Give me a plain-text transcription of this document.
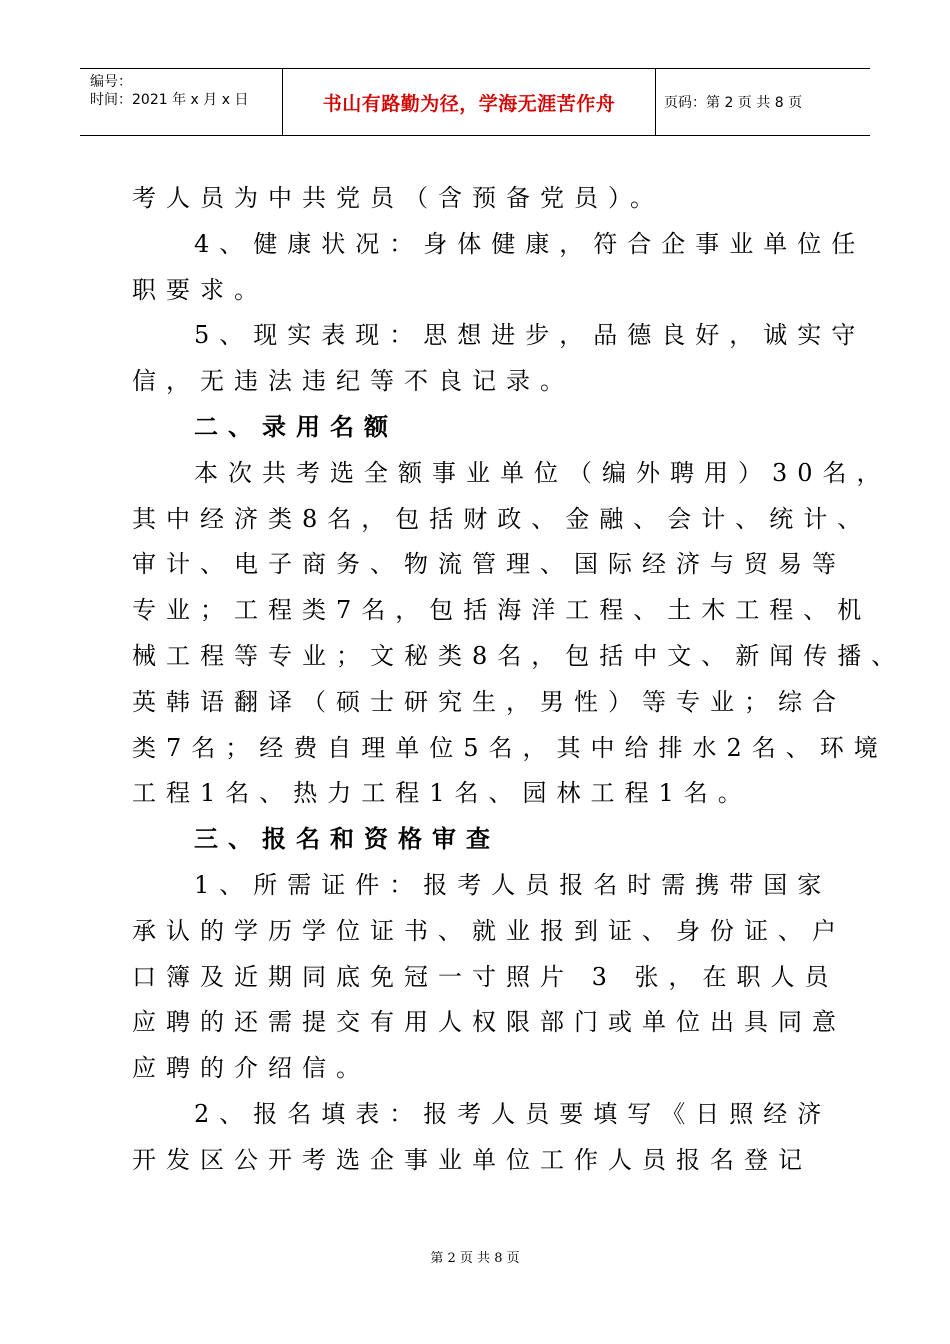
编号：
时间：2021 年 x 月 x 日	书山有路勤为径，学海无涯苦作舟	页码：第 2 页 共 8 页
考人员为中共党员（含预备党员）。
4、健康状况：身体健康，符合企事业单位任
职要求。
5、现实表现：思想进步，品德良好，诚实守
信，无违法违纪等不良记录。
二、录用名额
本次共考选全额事业单位（编外聘用）30名，
其中经济类8名，包括财政、金融、会计、统计、
审计、电子商务、物流管理、国际经济与贸易等
专业；工程类7名，包括海洋工程、土木工程、机
械工程等专业；文秘类8名，包括中文、新闻传播、
英韩语翻译（硕士研究生，男性）等专业；综合
类7名；经费自理单位5名，其中给排水2名、环境
工程1名、热力工程1名、园林工程1名。
三、报名和资格审查
1、所需证件：报考人员报名时需携带国家
承认的学历学位证书、就业报到证、身份证、户
口簿及近期同底免冠一寸照片 3 张，在职人员
应聘的还需提交有用人权限部门或单位出具同意
应聘的介绍信。
2、报名填表：报考人员要填写《日照经济
开发区公开考选企事业单位工作人员报名登记
第 2 页 共 8 页
